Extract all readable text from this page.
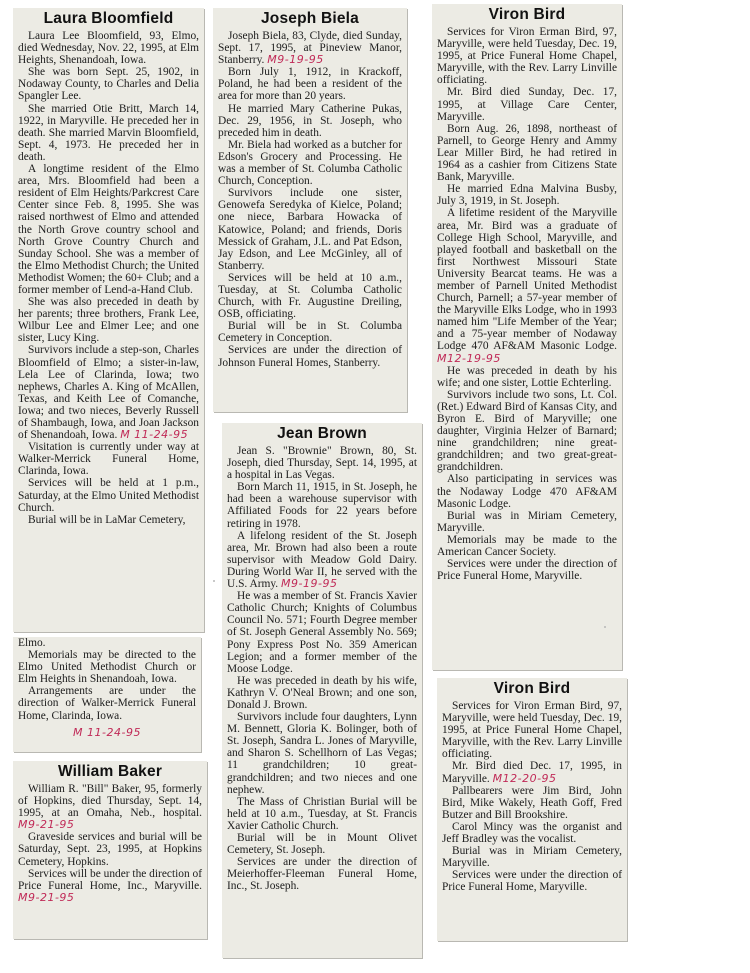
Laura Bloomfield

Laura Lee Bloomfield, 93, Elmo, died Wednesday, Nov. 22, 1995, at Elm Heights, Shenandoah, Iowa.

She was born Sept. 25, 1902, in Nodaway County, to Charles and Delia Spangler Lee.

She married Otie Britt, March 14, 1922, in Maryville. He preceded her in death. She married Marvin Bloomfield, Sept. 4, 1973. He preceded her in death.

A longtime resident of the Elmo area, Mrs. Bloomfield had been a resident of Elm Heights/Parkcrest Care Center since Feb. 8, 1995. She was raised northwest of Elmo and attended the North Grove country school and North Grove Country Church and Sunday School. She was a member of the Elmo Methodist Church; the United Methodist Women; the 60+ Club; and a former member of Lend-a-Hand Club.

She was also preceded in death by her parents; three brothers, Frank Lee, Wilbur Lee and Elmer Lee; and one sister, Lucy King.

Survivors include a step-son, Charles Bloomfield of Elmo; a sister-in-law, Lela Lee of Clarinda, Iowa; two nephews, Charles A. King of McAllen, Texas, and Keith Lee of Comanche, Iowa; and two nieces, Beverly Russell of Shambaugh, Iowa, and Joan Jackson of Shenandoah, Iowa. M 11-24-95

Visitation is currently under way at Walker-Merrick Funeral Home, Clarinda, Iowa.

Services will be held at 1 p.m., Saturday, at the Elmo United Methodist Church.

Burial will be in LaMar Cemetery,

Elmo.

Memorials may be directed to the Elmo United Methodist Church or Elm Heights in Shenandoah, Iowa.

Arrangements are under the direction of Walker-Merrick Funeral Home, Clarinda, Iowa.

M 11-24-95
William Baker

William R. "Bill" Baker, 95, formerly of Hopkins, died Thursday, Sept. 14, 1995, at an Omaha, Neb., hospital. M9-21-95

Graveside services and burial will be Saturday, Sept. 23, 1995, at Hopkins Cemetery, Hopkins.

Services will be under the direction of Price Funeral Home, Inc., Maryville. M9-21-95

Joseph Biela

Joseph Biela, 83, Clyde, died Sunday, Sept. 17, 1995, at Pineview Manor, Stanberry. M9-19-95

Born July 1, 1912, in Krackoff, Poland, he had been a resident of the area for more than 20 years.

He married Mary Catherine Pukas, Dec. 29, 1956, in St. Joseph, who preceded him in death.

Mr. Biela had worked as a butcher for Edson's Grocery and Processing. He was a member of St. Columba Catholic Church, Conception.

Survivors include one sister, Genowefa Seredyka of Kielce, Poland; one niece, Barbara Howacka of Katowice, Poland; and friends, Doris Messick of Graham, J.L. and Pat Edson, Jay Edson, and Lee McGinley, all of Stanberry.

Services will be held at 10 a.m., Tuesday, at St. Columba Catholic Church, with Fr. Augustine Dreiling, OSB, officiating.

Burial will be in St. Columba Cemetery in Conception.

Services are under the direction of Johnson Funeral Homes, Stanberry.

Jean Brown

Jean S. "Brownie" Brown, 80, St. Joseph, died Thursday, Sept. 14, 1995, at a hospital in Las Vegas.

Born March 11, 1915, in St. Joseph, he had been a warehouse supervisor with Affiliated Foods for 22 years before retiring in 1978.

A lifelong resident of the St. Joseph area, Mr. Brown had also been a route supervisor with Meadow Gold Dairy. During World War II, he served with the U.S. Army. M9-19-95

He was a member of St. Francis Xavier Catholic Church; Knights of Columbus Council No. 571; Fourth Degree member of St. Joseph General Assembly No. 569; Pony Express Post No. 359 American Legion; and a former member of the Moose Lodge.

He was preceded in death by his wife, Kathryn V. O'Neal Brown; and one son, Donald J. Brown.

Survivors include four daughters, Lynn M. Bennett, Gloria K. Bolinger, both of St. Joseph, Sandra L. Jones of Maryville, and Sharon S. Schellhorn of Las Vegas; 11 grandchildren; 10 great-grandchildren; and two nieces and one nephew.

The Mass of Christian Burial will be held at 10 a.m., Tuesday, at St. Francis Xavier Catholic Church.

Burial will be in Mount Olivet Cemetery, St. Joseph.

Services are under the direction of Meierhoffer-Fleeman Funeral Home, Inc., St. Joseph.

Viron Bird

Services for Viron Erman Bird, 97, Maryville, were held Tuesday, Dec. 19, 1995, at Price Funeral Home Chapel, Maryville, with the Rev. Larry Linville officiating.

Mr. Bird died Sunday, Dec. 17, 1995, at Village Care Center, Maryville.

Born Aug. 26, 1898, northeast of Parnell, to George Henry and Ammy Lear Miller Bird, he had retired in 1964 as a cashier from Citizens State Bank, Maryville.

He married Edna Malvina Busby, July 3, 1919, in St. Joseph.

A lifetime resident of the Maryville area, Mr. Bird was a graduate of College High School, Maryville, and played football and basketball on the first Northwest Missouri State University Bearcat teams. He was a member of Parnell United Methodist Church, Parnell; a 57-year member of the Maryville Elks Lodge, who in 1993 named him "Life Member of the Year; and a 75-year member of Nodaway Lodge 470 AF&AM Masonic Lodge. M12-19-95

He was preceded in death by his wife; and one sister, Lottie Echterling.

Survivors include two sons, Lt. Col. (Ret.) Edward Bird of Kansas City, and Byron E. Bird of Maryville; one daughter, Virginia Helzer of Barnard; nine grandchildren; nine great-grandchildren; and two great-great-grandchildren.

Also participating in services was the Nodaway Lodge 470 AF&AM Masonic Lodge.

Burial was in Miriam Cemetery, Maryville.

Memorials may be made to the American Cancer Society.

Services were under the direction of Price Funeral Home, Maryville.

Viron Bird

Services for Viron Erman Bird, 97, Maryville, were held Tuesday, Dec. 19, 1995, at Price Funeral Home Chapel, Maryville, with the Rev. Larry Linville officiating.

Mr. Bird died Dec. 17, 1995, in Maryville. M12-20-95

Pallbearers were Jim Bird, John Bird, Mike Wakely, Heath Goff, Fred Butzer and Bill Brookshire.

Carol Mincy was the organist and Jeff Bradley was the vocalist.

Burial was in Miriam Cemetery, Maryville.

Services were under the direction of Price Funeral Home, Maryville.
